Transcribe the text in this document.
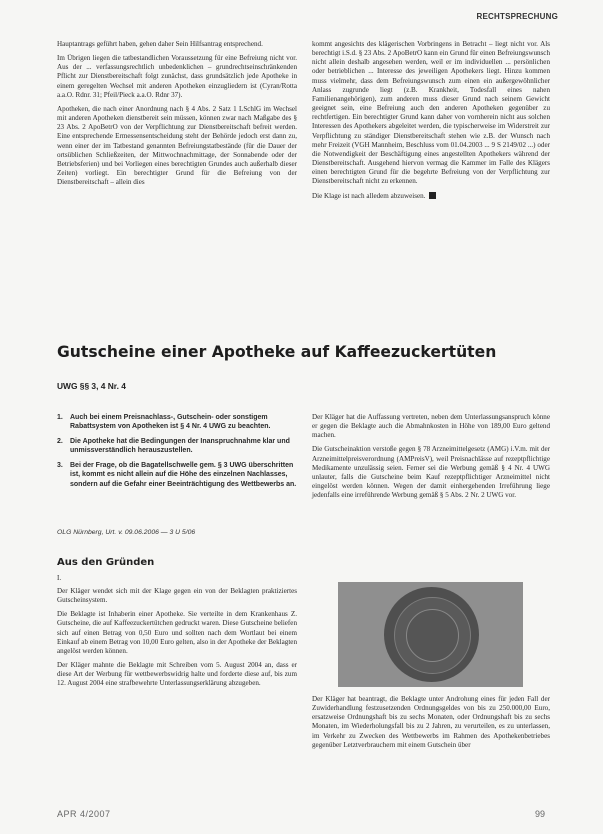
RECHTSPRECHUNG

Hauptantrags geführt haben, gehen daher Sein Hilfsantrag entsprechend.

Im Übrigen liegen die tatbestandlichen Voraussetzung für eine Befreiung nicht vor. Aus der ... verfassungsrechtlich unbedenklichen – grundrechtseinschränkenden Pflicht zur Dienstbereitschaft folgt zunächst, dass grundsätzlich jede Apotheke in einem geregelten Wechsel mit anderen Apotheken einzugliedern ist (Cyran/Rotta a.a.O. Rdnr. 31; Pfeil/Pieck a.a.O. Rdnr 37).

Apotheken, die nach einer Anordnung nach § 4 Abs. 2 Satz 1 LSchlG im Wechsel mit anderen Apotheken dienstbereit sein müssen, können zwar nach Maßgabe des § 23 Abs. 2 ApoBetrO von der Verpflichtung zur Dienstbereitschaft befreit werden. Eine entsprechende Ermessensentscheidung steht der Behörde jedoch erst dann zu, wenn einer der im Tatbestand genannten Befreiungstatbestände (für die Dauer der ortsüblichen Schließzeiten, der Mittwochnachmittage, der Sonnabende oder der Betriebsferien) und bei Vorliegen eines berechtigten Grundes auch außerhalb dieser Zeiten) vorliegt. Ein berechtigter Grund für die Befreiung von der Dienstbereitschaft – allein dies

kommt angesichts des klägerischen Vorbringens in Betracht – liegt nicht vor. Als berechtigt i.S.d. § 23 Abs. 2 ApoBetrO kann ein Grund für einen Befreiungswunsch nicht allein deshalb angesehen werden, weil er im individuellen ... persönlichen oder betrieblichen ... Interesse des jeweiligen Apothekers liegt. Hinzu kommen muss vielmehr, dass dem Befreiungswunsch zum einen ein außergewöhnlicher Anlass zugrunde liegt (z.B. Krankheit, Todesfall eines nahen Familienangehörigen), zum anderen muss dieser Grund nach seinem Gewicht geeignet sein, eine Befreiung auch den anderen Apotheken gegenüber zu rechtfertigen. Ein berechtigter Grund kann daher von vornherein nicht aus solchen Interessen des Apothekers abgeleitet werden, die typischerweise im Widerstreit zur Verpflichtung zu ständiger Dienstbereitschaft stehen wie z.B. der Wunsch nach mehr Freizeit (VGH Mannheim, Beschluss vom 01.04.2003 ... 9 S 2149/02 ...) oder die Notwendigkeit der Beschäftigung eines angestellten Apothekers während der Dienstbereitschaft. Ausgehend hiervon vermag die Kammer im Falle des Klägers einen berechtigten Grund für die begehrte Befreiung von der Verpflichtung zur Dienstbereitschaft nicht zu erkennen.

Die Klage ist nach alledem abzuweisen.

Gutscheine einer Apotheke auf Kaffeezuckertüten
UWG §§ 3, 4 Nr. 4
1.	Auch bei einem Preisnachlass-, Gutschein- oder sonstigem Rabattsystem von Apotheken ist § 4 Nr. 4 UWG zu beachten.
2.	Die Apotheke hat die Bedingungen der Inanspruchnahme klar und unmissverständlich herauszustellen.
3.	Bei der Frage, ob die Bagatellschwelle gem. § 3 UWG überschritten ist, kommt es nicht allein auf die Höhe des einzelnen Nachlasses, sondern auf die Gefahr einer Beeinträchtigung des Wettbewerbs an.
OLG Nürnberg, Urt. v. 09.06.2006 — 3 U 5/06
Aus den Gründen
I.

Der Kläger wendet sich mit der Klage gegen ein von der Beklagten praktiziertes Gutscheinsystem.

Die Beklagte ist Inhaberin einer Apotheke. Sie verteilte in dem Krankenhaus Z. Gutscheine, die auf Kaffeezuckertütchen gedruckt waren. Diese Gutscheine beliefen sich auf einen Betrag von 0,50 Euro und sollten nach dem Wortlaut bei einem Einkauf ab einem Betrag von 10,00 Euro gelten, also in der Apotheke der Beklagten angelöst werden können.

Der Kläger mahnte die Beklagte mit Schreiben vom 5. August 2004 an, dass er diese Art der Werbung für wettbewerbswidrig halte und forderte diese auf, bis zum 12. August 2004 eine strafbewehrte Unterlassungserklärung abzugeben.

Der Kläger hat die Auffassung vertreten, neben dem Unterlassungsanspruch könne er gegen die Beklagte auch die Abmahnkosten in Höhe von 189,00 Euro geltend machen.

Die Gutscheinaktion verstoße gegen § 78 Arzneimittelgesetz (AMG) i.V.m. mit der Arzneimittelpreisverordnung (AMPreisV), weil Preisnachlässe auf rezeptpflichtige Medikamente unzulässig seien. Ferner sei die Werbung gemäß § 4 Nr. 4 UWG unlauter, falls die Gutscheine beim Kauf rezeptpflichtiger Arzneimittel nicht eingelöst werden können. Wegen der damit einhergehenden Irreführung liege jedenfalls eine irreführende Werbung gemäß § 5 Abs. 2 Nr. 2 UWG vor.

Der Kläger hat beantragt, die Beklagte unter Androhung eines für jeden Fall der Zuwiderhandlung festzusetzenden Ordnungsgeldes von bis zu 250.000,00 Euro, ersatzweise Ordnungshaft bis zu sechs Monaten, oder Ordnungshaft bis zu sechs Monaten, im Wiederholungsfall bis zu 2 Jahren, zu verurteilen, es zu unterlassen, im Verkehr zu Zwecken des Wettbewerbs im Rahmen des Apothekenbetriebes gegenüber Letztverbrauchern mit einem Gutschein über

APR 4/2007	99
